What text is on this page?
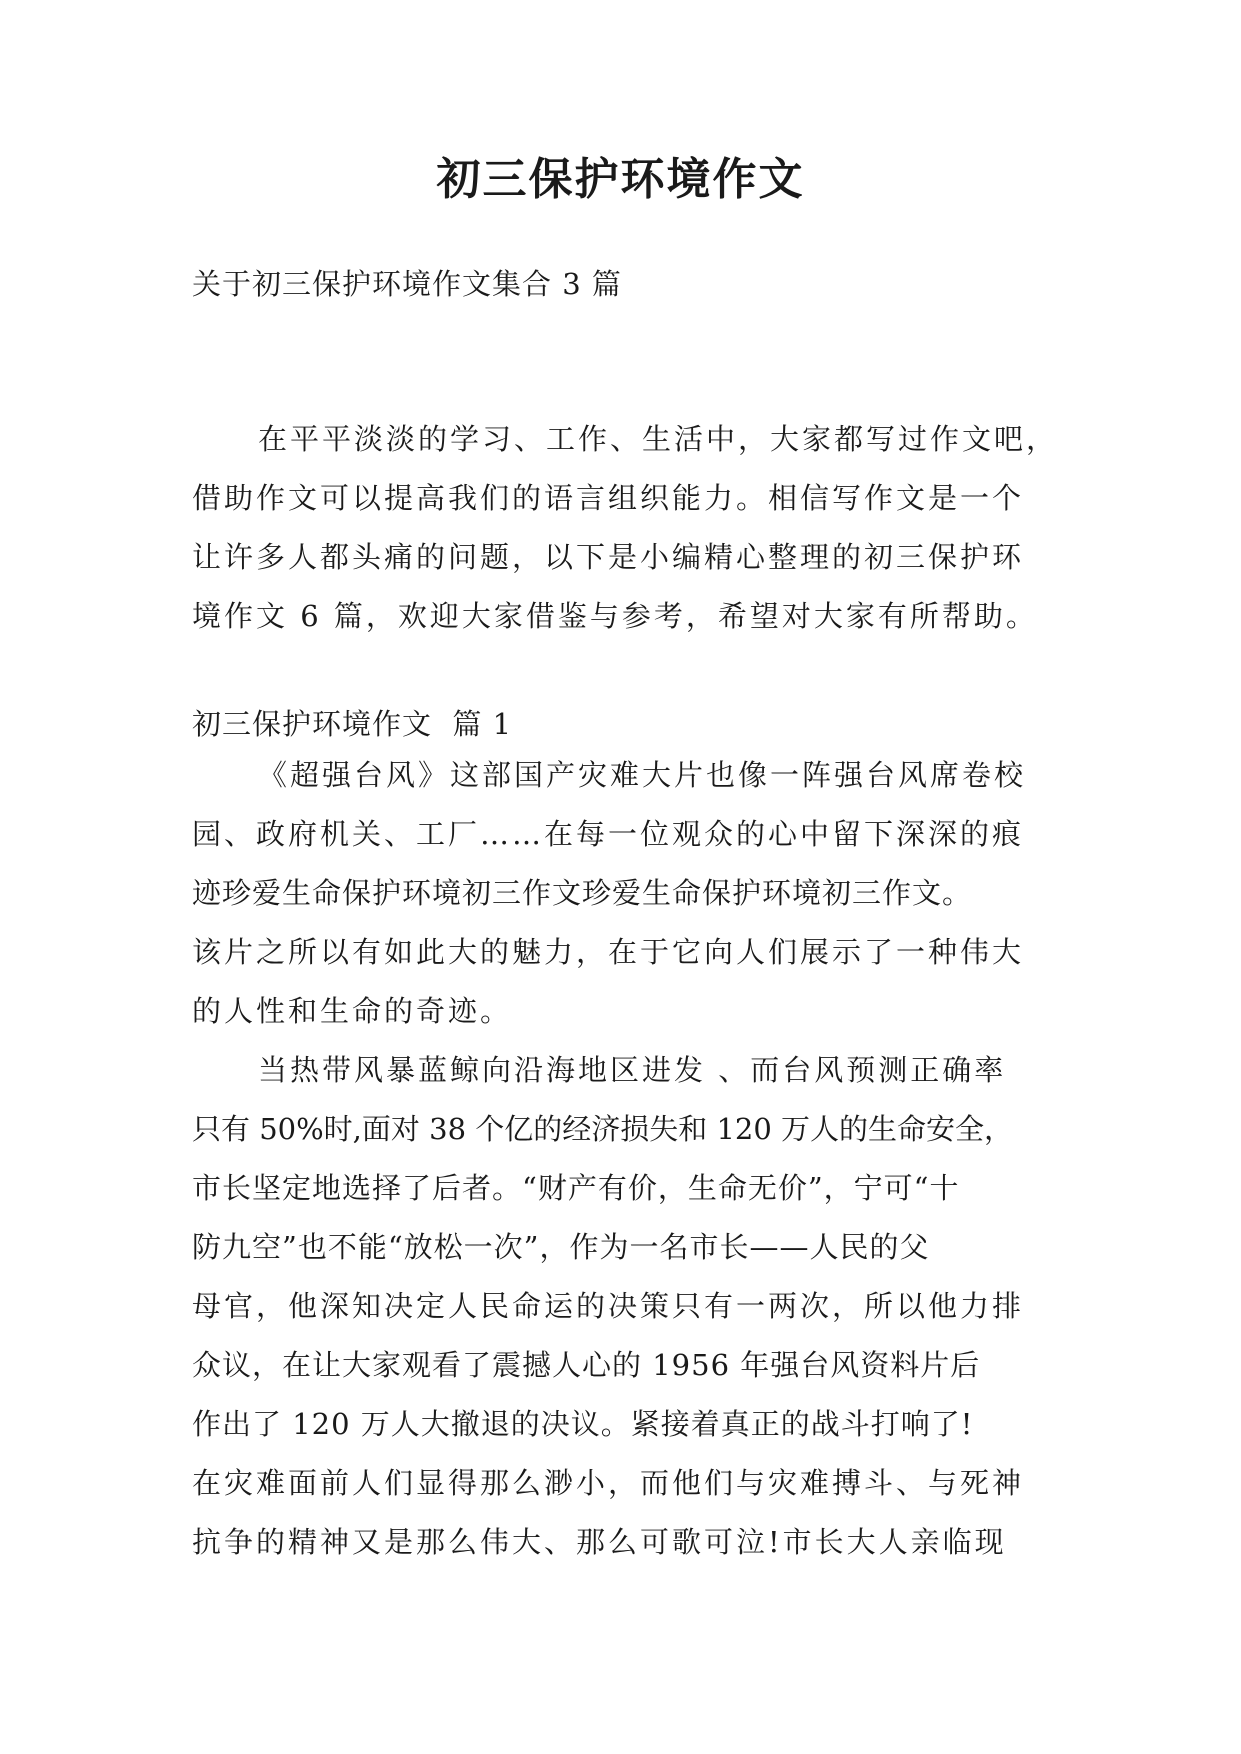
初三保护环境作文

关于初三保护环境作文集合 3 篇

在平平淡淡的学习、工作、生活中，大家都写过作文吧，
借助作文可以提高我们的语言组织能力。相信写作文是一个
让许多人都头痛的问题，以下是小编精心整理的初三保护环
境作文 6 篇，欢迎大家借鉴与参考，希望对大家有所帮助。

初三保护环境作文  篇 1

《超强台风》这部国产灾难大片也像一阵强台风席卷校
园、政府机关、工厂……在每一位观众的心中留下深深的痕
迹珍爱生命保护环境初三作文珍爱生命保护环境初三作文。
该片之所以有如此大的魅力，在于它向人们展示了一种伟大
的人性和生命的奇迹。
当热带风暴蓝鲸向沿海地区进发 、而台风预测正确率
只有 50%时,面对 38 个亿的经济损失和 120 万人的生命安全，
市长坚定地选择了后者。“财产有价，生命无价”，宁可“十
防九空”也不能“放松一次”，作为一名市长——人民的父
母官，他深知决定人民命运的决策只有一两次，所以他力排
众议，在让大家观看了震撼人心的 1956 年强台风资料片后
作出了 120 万人大撤退的决议。紧接着真正的战斗打响了!
在灾难面前人们显得那么渺小，而他们与灾难搏斗、与死神
抗争的精神又是那么伟大、那么可歌可泣!市长大人亲临现
